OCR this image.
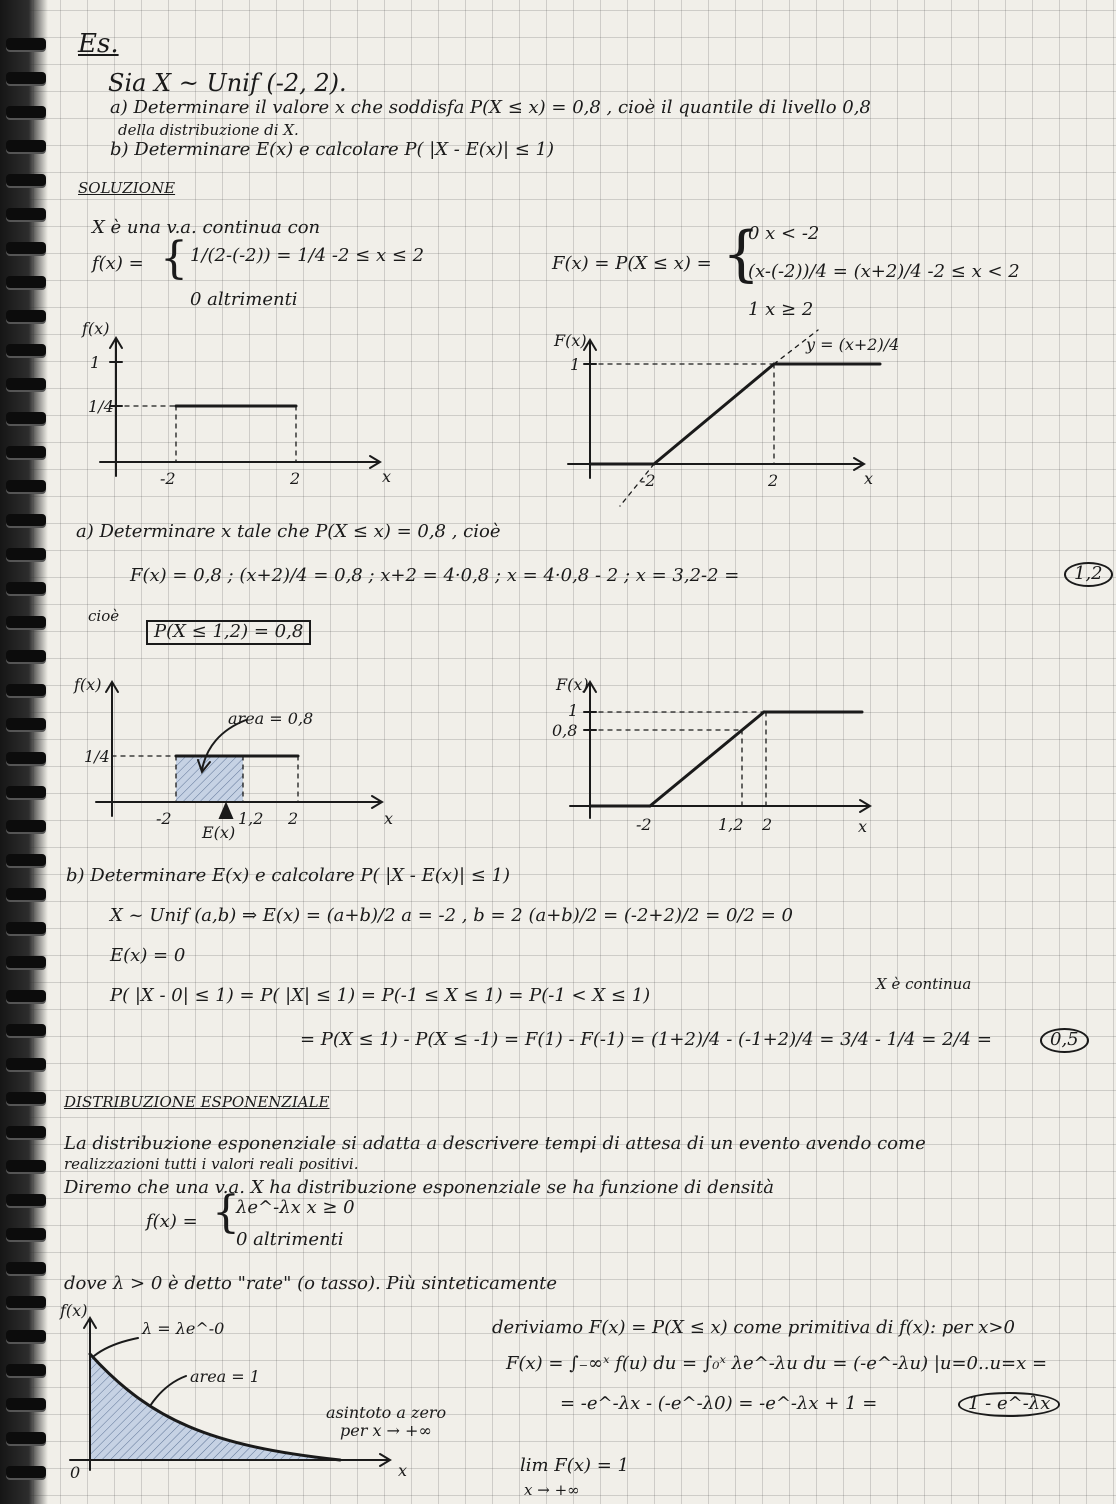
Es.
Sia X ~ Unif (-2, 2).
a) Determinare il valore x che soddisfa P(X ≤ x) = 0,8 , cioè il quantile di livello 0,8
della distribuzione di X.
b) Determinare E(x) e calcolare P( |X - E(x)| ≤ 1)
SOLUZIONE
X è una v.a. continua con
f(x) = { 1/(2-(-2)) = 1/4 -2 ≤ x ≤ 2
0 altrimenti
F(x) = P(X ≤ x) = {
0 x < -2
(x-(-2))/4 = (x+2)/4 -2 ≤ x < 2
1 x ≥ 2
a) Determinare x tale che P(X ≤ x) = 0,8 , cioè
F(x) = 0,8 ; (x+2)/4 = 0,8 ; x+2 = 4·0,8 ; x = 4·0,8 - 2 ; x = 3,2-2 =	1,2
cioè
P(X ≤ 1,2) = 0,8
b) Determinare E(x) e calcolare P( |X - E(x)| ≤ 1)
X ~ Unif (a,b) ⇒ E(x) = (a+b)/2 a = -2 , b = 2 (a+b)/2 = (-2+2)/2 = 0/2 = 0
E(x) = 0
P( |X - 0| ≤ 1) = P( |X| ≤ 1) = P(-1 ≤ X ≤ 1) = P(-1 < X ≤ 1)
X è continua
= P(X ≤ 1) - P(X ≤ -1) = F(1) - F(-1) = (1+2)/4 - (-1+2)/4 = 3/4 - 1/4 = 2/4 =	0,5
DISTRIBUZIONE ESPONENZIALE
La distribuzione esponenziale si adatta a descrivere tempi di attesa di un evento avendo come
realizzazioni tutti i valori reali positivi.
Diremo che una v.a. X ha distribuzione esponenziale se ha funzione di densità
f(x) = {
λe^-λx x ≥ 0
0 altrimenti
dove λ > 0 è detto "rate" (o tasso). Più sinteticamente
deriviamo F(x) = P(X ≤ x) come primitiva di f(x): per x>0
F(x) = ∫₋∞ˣ f(u) du = ∫₀ˣ λe^-λu du = (-e^-λu) |u=0..u=x =
= -e^-λx - (-e^-λ0) = -e^-λx + 1 =	1 - e^-λx
lim F(x) = 1
x → +∞
f(x)
1
1/4
-2	2	x
F(x)
1
-2	2	x
y = (x+2)/4
f(x)
1/4
-2	1,2 2	x
E(x)
area = 0,8
F(x)
1
0,8
-2	1,2 2	x
f(x)
λ = λe^-0
area = 1
asintoto a zero
per x → +∞
0	x
